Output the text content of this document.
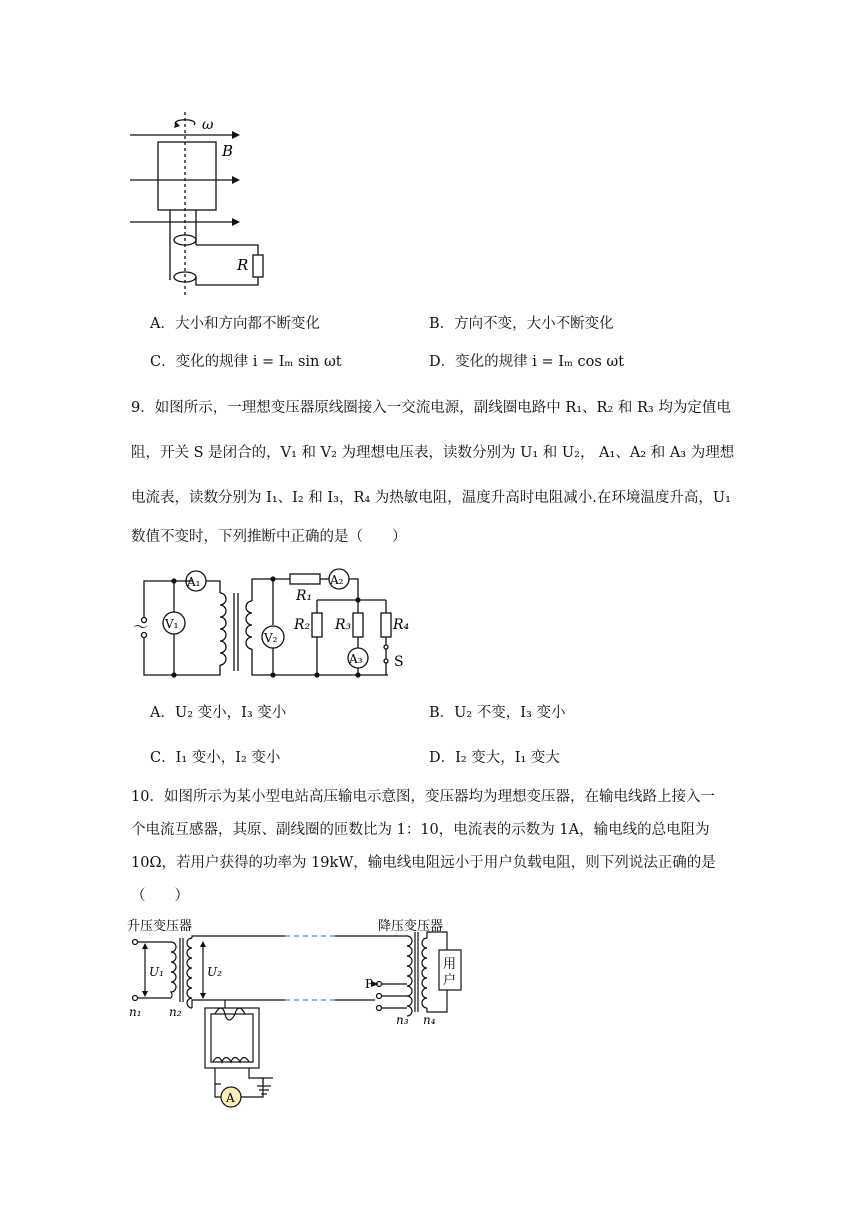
ω
B
R
A．大小和方向都不断变化	B．方向不变，大小不断变化
C．变化的规律 i = Iₘ sin ωt	D．变化的规律 i = Iₘ cos ωt
9．如图所示，一理想变压器原线圈接入一交流电源，副线圈电路中 R₁、R₂ 和 R₃ 均为定值电
阻，开关 S 是闭合的，V₁ 和 V₂ 为理想电压表，读数分别为 U₁ 和 U₂， A₁、A₂ 和 A₃ 为理想
电流表，读数分别为 I₁、I₂ 和 I₃，R₄ 为热敏电阻，温度升高时电阻减小.在环境温度升高，U₁
数值不变时，下列推断中正确的是（　　）
～
A₁
V₁
V₂
A₂
A₃
R₁
R₂ R₃	R₄
S
A．U₂ 变小，I₃ 变小	B．U₂ 不变，I₃ 变小
C．I₁ 变小，I₂ 变小	D．I₂ 变大，I₁ 变大
10．如图所示为某小型电站高压输电示意图，变压器均为理想变压器，在输电线路上接入一
个电流互感器，其原、副线圈的匝数比为 1：10，电流表的示数为 1A，输电线的总电阻为
10Ω，若用户获得的功率为 19kW，输电线电阻远小于用户负载电阻，则下列说法正确的是
（　　）
升压变压器	降压变压器
U₁	U₂
n₁ n₂
n₃ n₄
P
用
户
A
